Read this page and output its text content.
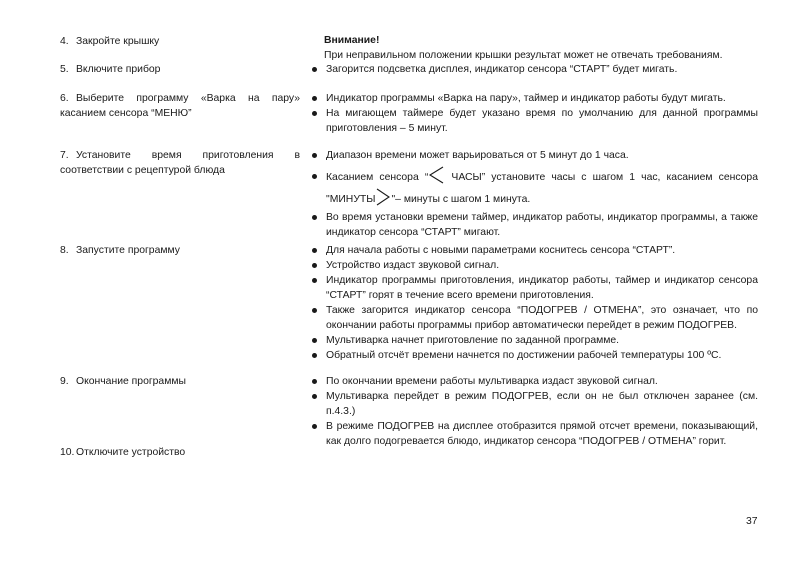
4. Закройте крышку
5. Включите прибор
6. Выберите программу «Варка на пару» касанием сенсора “МЕНЮ”
7. Установите время приготовления в соответствии с рецептурой блюда
8. Запустите программу
9. Окончание программы
10. Отключите устройство
Внимание!
При неправильном положении крышки результат может не отвечать требованиям.
Загорится подсветка дисплея, индикатор сенсора “СТАРТ” будет мигать.
Индикатор программы «Варка на пару», таймер и индикатор работы будут мигать.
На мигающем таймере будет указано время по умолчанию для данной программы приготовления – 5 минут.
Диапазон времени может варьироваться от 5 минут до 1 часа.
Касанием сенсора “ ЧАСЫ” установите часы с шагом 1 час, касанием сенсора
"МИНУТЫ "– минуты с шагом 1 минута.
Во время установки времени таймер, индикатор работы, индикатор программы, а также индикатор сенсора “СТАРТ” мигают.
Для начала работы с новыми параметрами коснитесь сенсора “СТАРТ”.
Устройство издаст звуковой сигнал.
Индикатор программы приготовления, индикатор работы, таймер и индикатор сенсора “СТАРТ” горят в течение всего времени приготовления.
Также загорится индикатор сенсора “ПОДОГРЕВ / ОТМЕНА”, это означает, что по окончании работы программы прибор автоматически перейдет в режим ПОДОГРЕВ.
Мультиварка начнет приготовление по заданной программе.
Обратный отсчёт времени начнется по достижении рабочей температуры 100 ºС.
По окончании времени работы мультиварка издаст звуковой сигнал.
Мультиварка перейдет в режим ПОДОГРЕВ, если он не был отключен заранее (см. п.4.3.)
В режиме ПОДОГРЕВ на дисплее отобразится прямой отсчет времени, показывающий, как долго подогревается блюдо, индикатор сенсора “ПОДОГРЕВ / ОТМЕНА” горит.
37
